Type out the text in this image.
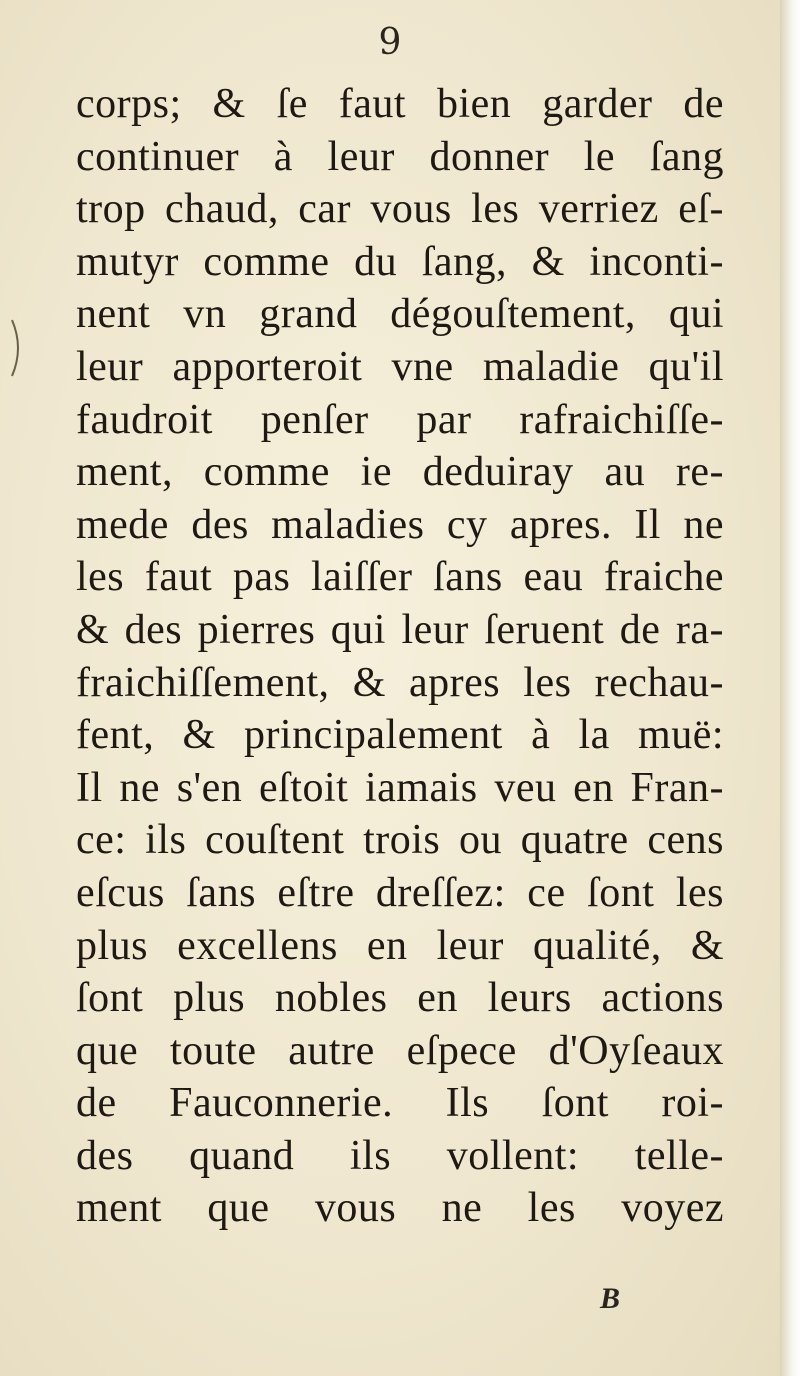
9
corps; & ſe faut bien garder de
continuer à leur donner le ſang
trop chaud, car vous les verriez eſ-
mutyr comme du ſang, & inconti-
nent vn grand dégouſtement, qui
leur apporteroit vne maladie qu'il
faudroit penſer par rafraichiſſe-
ment, comme ie deduiray au re-
mede des maladies cy apres. Il ne
les faut pas laiſſer ſans eau fraiche
& des pierres qui leur ſeruent de ra-
fraichiſſement, & apres les rechau-
fent, & principalement à la muë:
Il ne s'en eſtoit iamais veu en Fran-
ce: ils couſtent trois ou quatre cens
eſcus ſans eſtre dreſſez: ce ſont les
plus excellens en leur qualité, &
ſont plus nobles en leurs actions
que toute autre eſpece d'Oyſeaux
de Fauconnerie. Ils ſont roi-
des quand ils vollent: telle-
ment que vous ne les voyez
B
